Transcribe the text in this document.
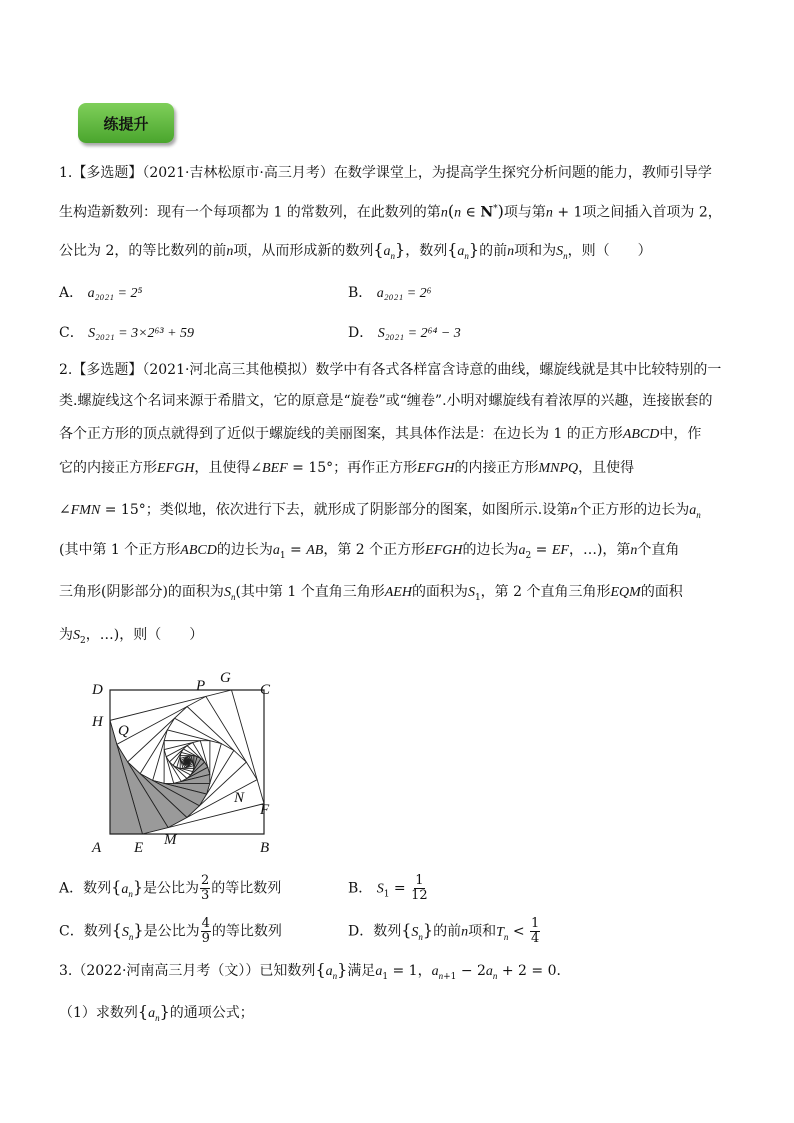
练提升
1.【多选题】（2021·吉林松原市·高三月考）在数学课堂上，为提高学生探究分析问题的能力，教师引导学
生构造新数列：现有一个每项都为 1 的常数列，在此数列的第n(n ∈ N*)项与第n + 1项之间插入首项为 2，
公比为 2，的等比数列的前n项，从而形成新的数列$\{a_n\}$，数列$\{a_n\}$的前n项和为$S_n$，则（　　）
A． a₂₀₂₁ = 2⁵	B． a₂₀₂₁ = 2⁶
C． S₂₀₂₁ = 3×2⁶³ + 59	D． S₂₀₂₁ = 2⁶⁴ − 3
2.【多选题】（2021·河北高三其他模拟）数学中有各式各样富含诗意的曲线，螺旋线就是其中比较特别的一
类.螺旋线这个名词来源于希腊文，它的原意是“旋卷”或“缠卷”.小明对螺旋线有着浓厚的兴趣，连接嵌套的
各个正方形的顶点就得到了近似于螺旋线的美丽图案，其具体作法是：在边长为 1 的正方形ABCD中，作
它的内接正方形EFGH，且使得∠BEF = 15°；再作正方形EFGH的内接正方形MNPQ，且使得
∠FMN = 15°；类似地，依次进行下去，就形成了阴影部分的图案，如图所示.设第n个正方形的边长为$a_n$
(其中第 1 个正方形ABCD的边长为$a_1$ = AB，第 2 个正方形EFGH的边长为$a_2$ = EF，…)，第n个直角
三角形(阴影部分)的面积为$S_n$(其中第 1 个直角三角形AEH的面积为$S_1$，第 2 个直角三角形EQM的面积
为$S_2$，…)，则（　　）
D	P G
C
H
Q
N
F
A E M	B
A．数列$\{a_n\}$是公比为 $\frac{2}{3}$ 的等比数列	B． $S_1 = \frac{1}{12}$
C．数列$\{S_n\}$是公比为 $\frac{4}{9}$ 的等比数列	D．数列$\{S_n\}$的前n项和$T_n < \frac{1}{4}$
3.（2022·河南高三月考（文））已知数列$\{a_n\}$满足$a_1 = 1$，$a_{n+1} - 2a_n + 2 = 0$．
（1）求数列$\{a_n\}$的通项公式；
